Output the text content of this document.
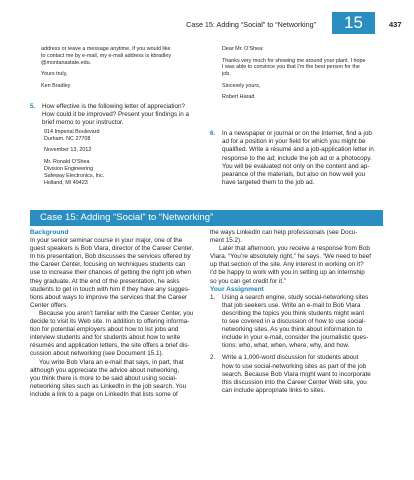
Case 15: Adding “Social” to “Networking”	15	437

address or leave a message anytime. If you would like
to contact me by e-mail, my e-mail address is kbradley
@montanastate.edu.

Yours truly,

Ken Bradley

Dear Mr. O’Shea:

Thanks very much for showing me around your plant. I hope
I was able to convince you that I’m the best person for the
job.

Sincerely yours,

Robert Harad

5.	How effective is the following letter of appreciation?
How could it be improved? Present your findings in a
brief memo to your instructor.

914 Imperial Boulevard
Durham, NC 27708

November 13, 2012

Mr. Ronald O’Shea
Division Engineering
Safeway Electronics, Inc.
Holland, MI 49423

6.	In a newspaper or journal or on the Internet, find a job
ad for a position in your field for which you might be
qualified. Write a résumé and a job-application letter in
response to the ad; include the job ad or a photocopy.
You will be evaluated not only on the content and ap-
pearance of the materials, but also on how well you
have targeted them to the job ad.
Case 15: Adding “Social” to “Networking”
Background

In your senior seminar course in your major, one of the
guest speakers is Bob Vlara, director of the Career Center.
In his presentation, Bob discusses the services offered by
the Career Center, focusing on techniques students can
use to increase their chances of getting the right job when
they graduate. At the end of the presentation, he asks
students to get in touch with him if they have any sugges-
tions about ways to improve the services that the Career
Center offers.

Because you aren’t familiar with the Career Center, you
decide to visit its Web site. In addition to offering informa-
tion for potential employers about how to list jobs and
interview students and for students about how to write
résumés and application letters, the site offers a brief dis-
cussion about networking (see Document 15.1).

You write Bob Vlara an e-mail that says, in part, that
although you appreciate the advice about networking,
you think there is more to be said about using social-
networking sites such as LinkedIn in the job search. You
include a link to a page on LinkedIn that lists some of

the ways LinkedIn can help professionals (see Docu-
ment 15.2).

Later that afternoon, you receive a response from Bob
Vlara. “You’re absolutely right,” he says. “We need to beef
up that section of the site. Any interest in working on it?
I’d be happy to work with you in setting up an internship
so you can get credit for it.”

Your Assignment
1. Using a search engine, study social-networking sites
that job seekers use. Write an e-mail to Bob Vlara
describing the topics you think students might want
to see covered in a discussion of how to use social-
networking sites. As you think about information to
include in your e-mail, consider the journalistic ques-
tions: who, what, when, where, why, and how.
2. Write a 1,000-word discussion for students about
how to use social-networking sites as part of the job
search. Because Bob Vlara might want to incorporate
this discussion into the Career Center Web site, you
can include appropriate links to sites.
